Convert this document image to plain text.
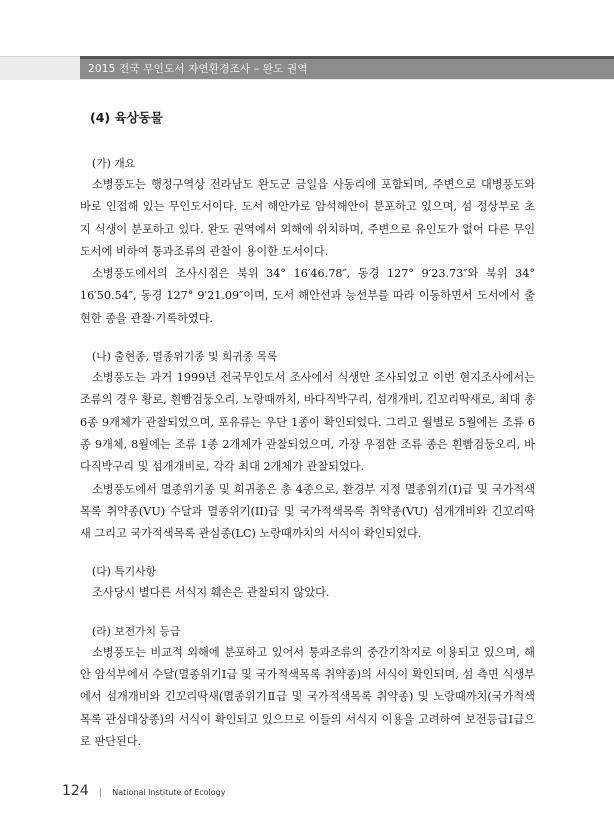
2015 전국 무인도서 자연환경조사 – 완도 권역
(4) 육상동물
(가) 개요

소병풍도는 행정구역상 전라남도 완도군 금일읍 사동리에 포함되며, 주변으로 대병풍도와 바로 인접해 있는 무인도서이다. 도서 해안가로 암석해안이 분포하고 있으며, 섬 정상부로 초지 식생이 분포하고 있다. 완도 권역에서 외해에 위치하며, 주변으로 유인도가 없어 다른 무인도서에 비하여 통과조류의 관찰이 용이한 도서이다.

소병풍도에서의 조사시점은 북위 34° 16′46.78″, 동경 127° 9′23.73″와 북위 34° 16′50.54″, 동경 127° 9′21.09″이며, 도서 해안선과 능선부를 따라 이동하면서 도서에서 출현한 종을 관찰·기록하였다.

(나) 출현종, 멸종위기종 및 희귀종 목록

소병풍도는 과거 1999년 전국무인도서 조사에서 식생만 조사되었고 이번 현지조사에서는 조류의 경우 황로, 흰빰검둥오리, 노랑때까치, 바다직박구리, 섬개개비, 긴꼬리딱새로, 최대 총 6종 9개체가 관찰되었으며, 포유류는 우단 1종이 확인되었다. 그리고 월별로 5월에는 조류 6종 9개체, 8월에는 조류 1종 2개체가 관찰되었으며, 가장 우점한 조류 종은 흰빰검둥오리, 바다직박구리 및 섬개개비로, 각각 최대 2개체가 관찰되었다.

소병풍도에서 멸종위기종 및 희귀종은 총 4종으로, 환경부 지정 멸종위기(Ⅰ)급 및 국가적색목록 취약종(VU) 수달과 멸종위기(II)급 및 국가적색목록 취약종(VU) 섬개개비와 긴꼬리딱새 그리고 국가적색목록 관심종(LC) 노랑때까치의 서식이 확인되었다.

(다) 특기사항

조사당시 별다른 서식지 훼손은 관찰되지 않았다.

(라) 보전가치 등급

소병풍도는 비교적 외해에 분포하고 있어서 통과조류의 중간기착지로 이용되고 있으며, 해안 암석부에서 수달(멸종위기Ⅰ급 및 국가적색목록 취약종)의 서식이 확인되며, 섬 측면 식생부에서 섬개개비와 긴꼬리딱새(멸종위기Ⅱ급 및 국가적색목록 취약종) 및 노랑때까치(국가적색목록 관심대상종)의 서식이 확인되고 있으므로 이들의 서식지 이용을 고려하여 보전등급Ⅰ급으로 판단된다.

124 | National Institute of Ecology
